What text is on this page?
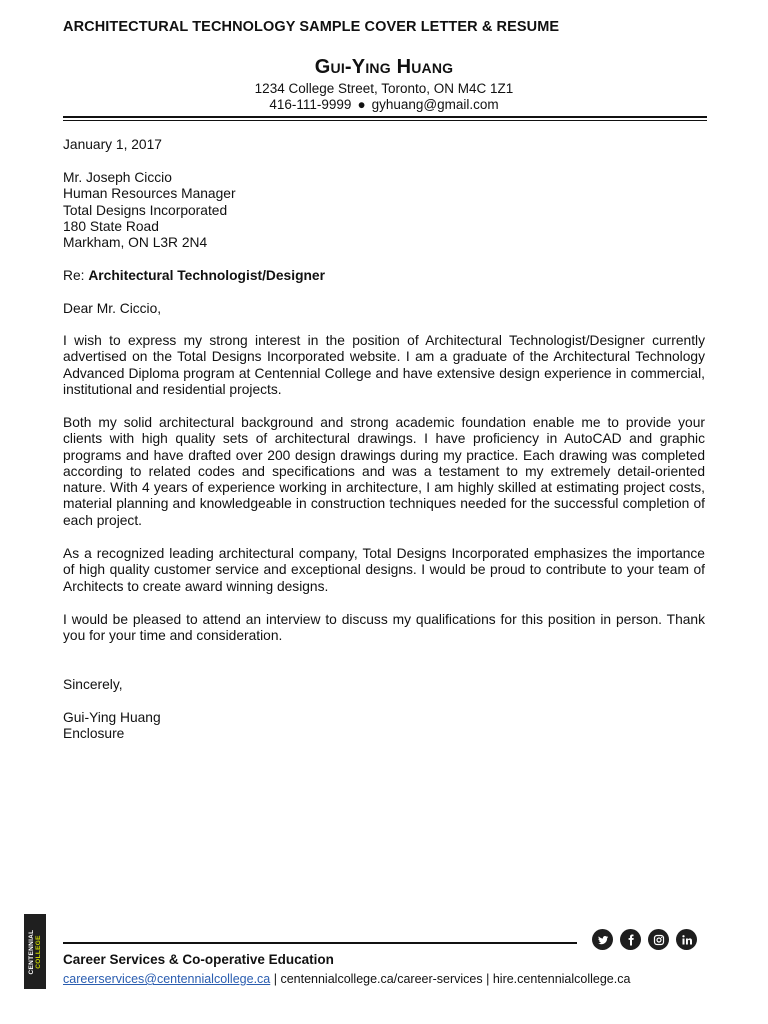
ARCHITECTURAL TECHNOLOGY SAMPLE COVER LETTER & RESUME
Gui-Ying Huang
1234 College Street, Toronto, ON M4C 1Z1
416-111-9999 ● gyhuang@gmail.com
January 1, 2017
Mr. Joseph Ciccio
Human Resources Manager
Total Designs Incorporated
180 State Road
Markham, ON L3R 2N4
Re: Architectural Technologist/Designer
Dear Mr. Ciccio,
I wish to express my strong interest in the position of Architectural Technologist/Designer currently advertised on the Total Designs Incorporated website. I am a graduate of the Architectural Technology Advanced Diploma program at Centennial College and have extensive design experience in commercial, institutional and residential projects.
Both my solid architectural background and strong academic foundation enable me to provide your clients with high quality sets of architectural drawings. I have proficiency in AutoCAD and graphic programs and have drafted over 200 design drawings during my practice. Each drawing was completed according to related codes and specifications and was a testament to my extremely detail-oriented nature. With 4 years of experience working in architecture, I am highly skilled at estimating project costs, material planning and knowledgeable in construction techniques needed for the successful completion of each project.
As a recognized leading architectural company, Total Designs Incorporated emphasizes the importance of high quality customer service and exceptional designs. I would be proud to contribute to your team of Architects to create award winning designs.
I would be pleased to attend an interview to discuss my qualifications for this position in person. Thank you for your time and consideration.
Sincerely,
Gui-Ying Huang
Enclosure
CENTENNIAL COLLEGE Career Services & Co-operative Education
careerservices@centennialcollege.ca | centennialcollege.ca/career-services | hire.centennialcollege.ca
